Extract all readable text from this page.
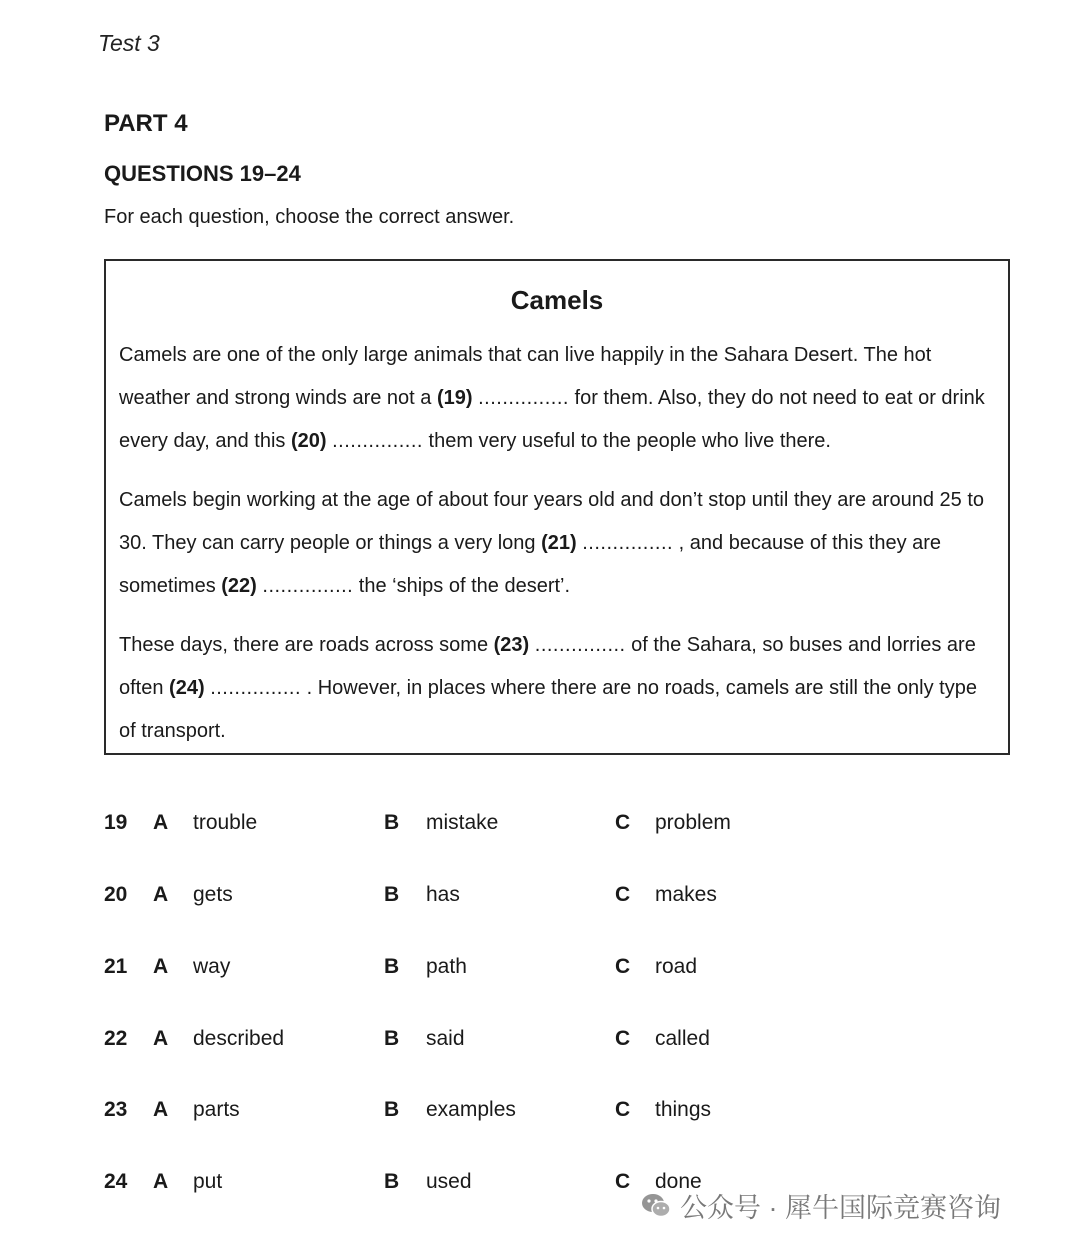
Test 3
PART 4
QUESTIONS 19–24
For each question, choose the correct answer.
Camels
Camels are one of the only large animals that can live happily in the Sahara Desert. The hot weather and strong winds are not a (19) ............... for them. Also, they do not need to eat or drink every day, and this (20) ............... them very useful to the people who live there.
Camels begin working at the age of about four years old and don’t stop until they are around 25 to 30. They can carry people or things a very long (21) ............... , and because of this they are sometimes (22) ............... the ‘ships of the desert’.
These days, there are roads across some (23) ............... of the Sahara, so buses and lorries are often (24) ............... . However, in places where there are no roads, camels are still the only type of transport.
19 A trouble	B mistake	C problem
20 A gets	B has	C makes
21 A way	B path	C road
22 A described	B said	C called
23 A parts	B examples	C things
24 A put	B used	C done
公众号 · 犀牛国际竞赛咨询
